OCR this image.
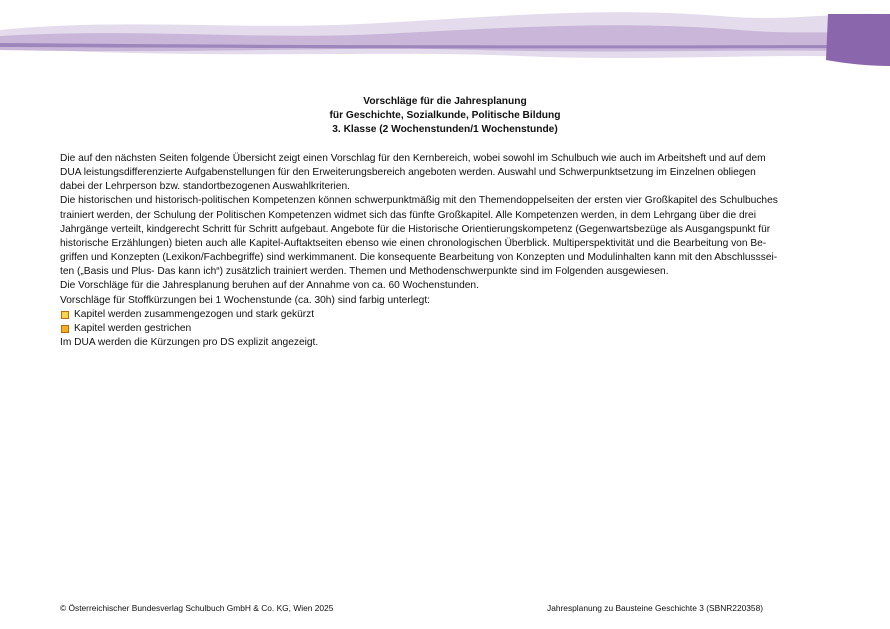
Vorschläge für die Jahresplanung
für Geschichte, Sozialkunde, Politische Bildung
3. Klasse (2 Wochenstunden/1 Wochenstunde)
Die auf den nächsten Seiten folgende Übersicht zeigt einen Vorschlag für den Kernbereich, wobei sowohl im Schulbuch wie auch im Arbeitsheft und auf dem
DUA leistungsdifferenzierte Aufgabenstellungen für den Erweiterungsbereich angeboten werden. Auswahl und Schwerpunktsetzung im Einzelnen obliegen
dabei der Lehrperson bzw. standortbezogenen Auswahlkriterien.
Die historischen und historisch-politischen Kompetenzen können schwerpunktmäßig mit den Themendoppelseiten der ersten vier Großkapitel des Schulbuches
trainiert werden, der Schulung der Politischen Kompetenzen widmet sich das fünfte Großkapitel. Alle Kompetenzen werden, in dem Lehrgang über die drei
Jahrgänge verteilt, kindgerecht Schritt für Schritt aufgebaut. Angebote für die Historische Orientierungskompetenz (Gegenwartsbezüge als Ausgangspunkt für
historische Erzählungen) bieten auch alle Kapitel-Auftaktseiten ebenso wie einen chronologischen Überblick. Multiperspektivität und die Bearbeitung von Be-
griffen und Konzepten (Lexikon/Fachbegriffe) sind werkimmanent. Die konsequente Bearbeitung von Konzepten und Modulinhalten kann mit den Abschlusssei-
ten („Basis und Plus- Das kann ich“) zusätzlich trainiert werden. Themen und Methodenschwerpunkte sind im Folgenden ausgewiesen.
Die Vorschläge für die Jahresplanung beruhen auf der Annahme von ca. 60 Wochenstunden.
Vorschläge für Stoffkürzungen bei 1 Wochenstunde (ca. 30h) sind farbig unterlegt:
Kapitel werden zusammengezogen und stark gekürzt
Kapitel werden gestrichen
Im DUA werden die Kürzungen pro DS explizit angezeigt.
© Österreichischer Bundesverlag Schulbuch GmbH & Co. KG, Wien 2025	Jahresplanung zu Bausteine Geschichte 3 (SBNR220358)
